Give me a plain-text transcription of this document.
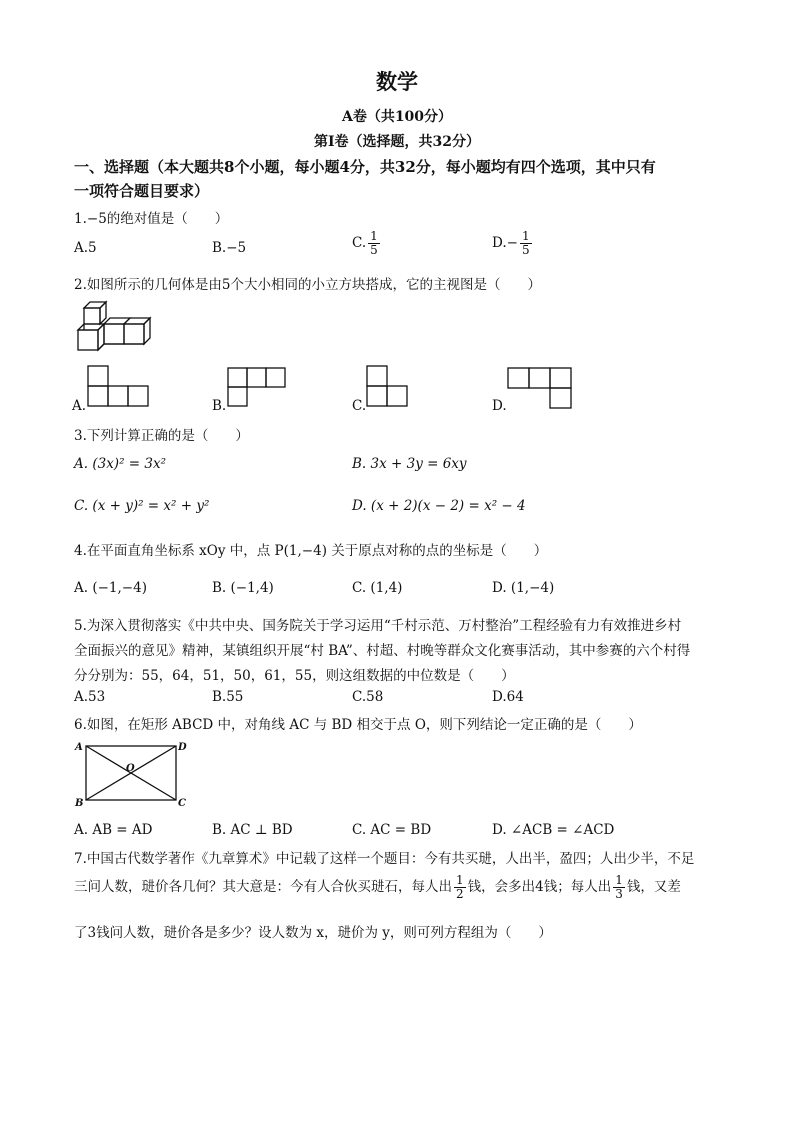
数学
A卷（共100分）
第Ⅰ卷（选择题，共32分）
一、选择题（本大题共8个小题，每小题4分，共32分，每小题均有四个选项，其中只有
一项符合题目要求）
1.−5的绝对值是（　　）
A.5	B.−5	C. $\frac{1}{5}$	$D.- \frac{1}{5}$
2.如图所示的几何体是由5个大小相同的小立方块搭成，它的主视图是（　　）
A.	B.	C.	D.
3.下列计算正确的是（　　）
A. (3x)² = 3x²	B. 3x + 3y = 6xy
C. (x + y)² = x² + y²	D. (x + 2)(x − 2) = x² − 4
4.在平面直角坐标系 xOy 中，点 P(1,−4) 关于原点对称的点的坐标是（　　）
A. (−1,−4)	B. (−1,4)	C. (1,4)	D. (1,−4)
5.为深入贯彻落实《中共中央、国务院关于学习运用“千村示范、万村整治”工程经验有力有效推进乡村
全面振兴的意见》精神，某镇组织开展“村 BA”、村超、村晚等群众文化赛事活动，其中参赛的六个村得
分分别为：55，64，51，50，61，55，则这组数据的中位数是（　　）
A.53	B.55	C.58	D.64
6.如图，在矩形 ABCD 中，对角线 AC 与 BD 相交于点 O，则下列结论一定正确的是（　　）
A	D
B	C
O
A. AB = AD	B. AC ⊥ BD	C. AC = BD	D. ∠ACB = ∠ACD
7.中国古代数学著作《九章算术》中记载了这样一个题目：今有共买琎，人出半，盈四；人出少半，不足
三问人数，琎价各几何？其大意是：今有人合伙买琎石，每人出 $\frac{1}{2}$ 钱，会多出4钱；每人出 $\frac{1}{3}$ 钱，又差
了3钱问人数，琎价各是多少？设人数为 x，琎价为 y，则可列方程组为（　　）
